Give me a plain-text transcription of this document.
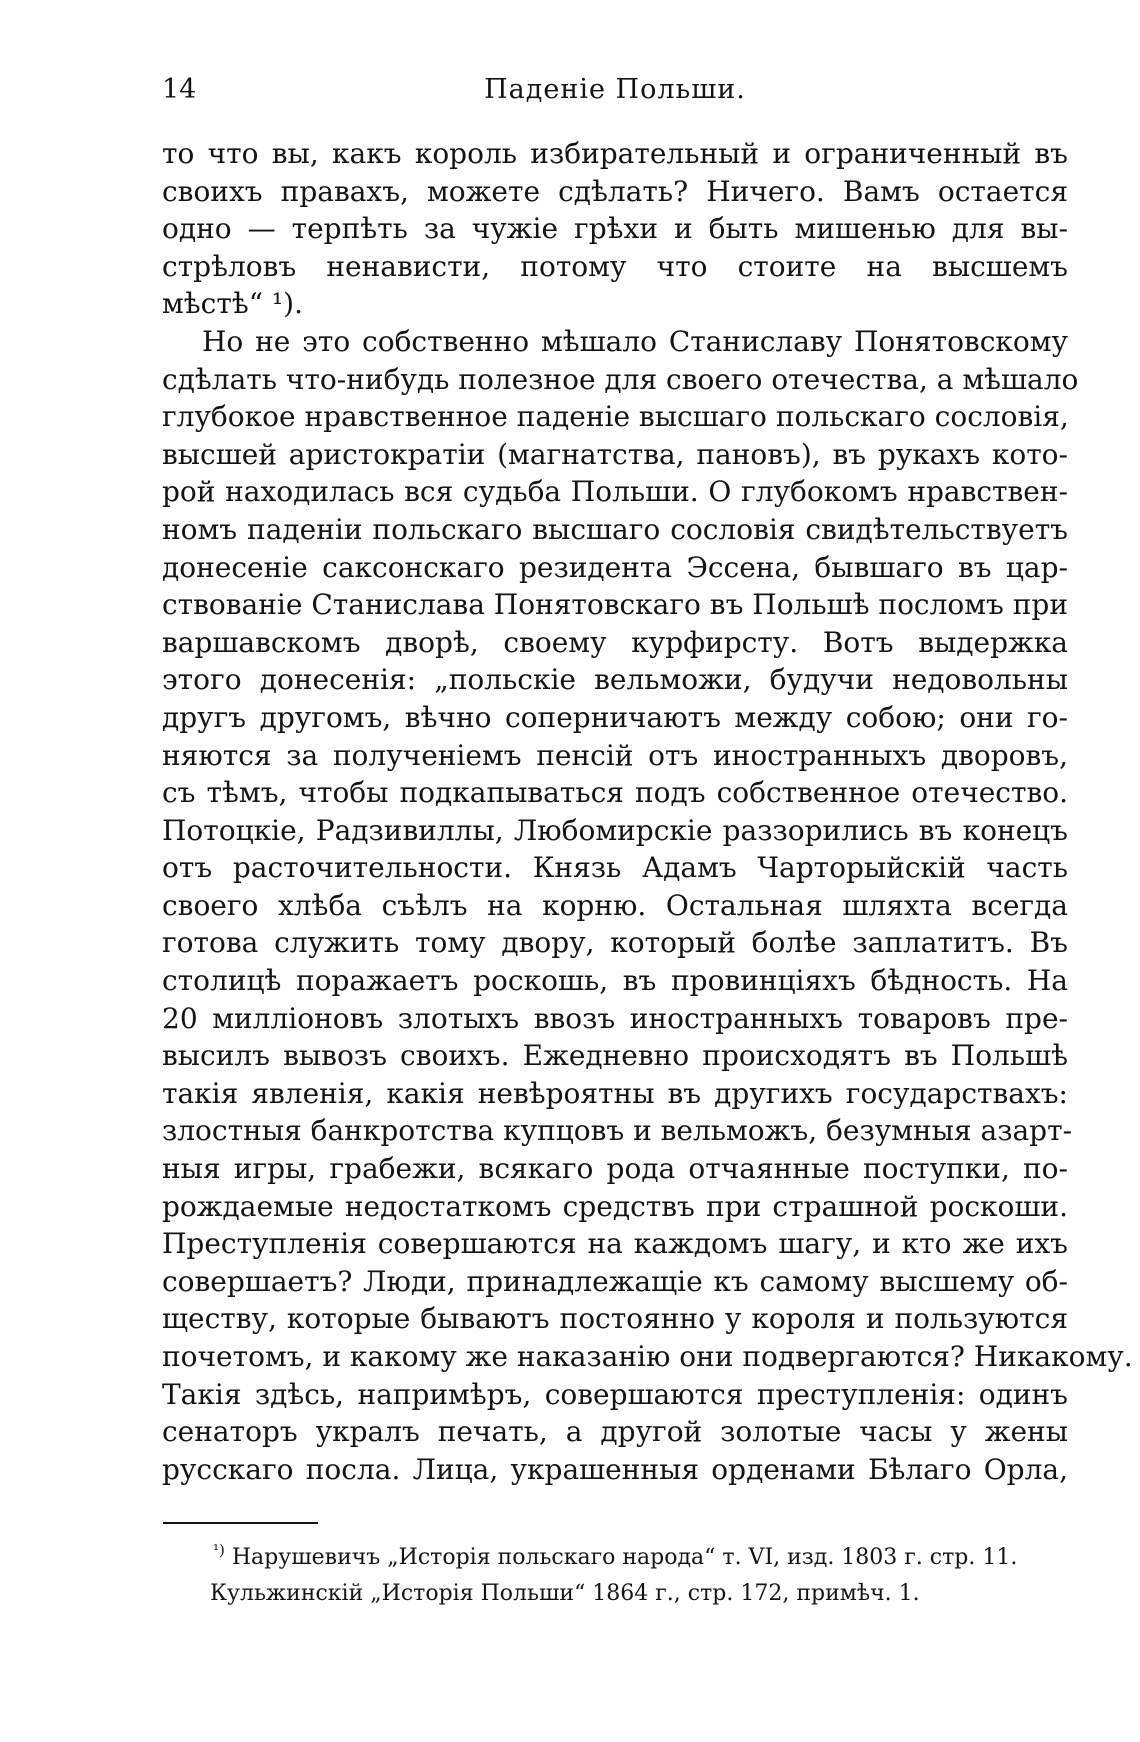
14	Паденіе Польши.
то что вы, какъ король избирательный и ограниченный въ
своихъ правахъ, можете сдѣлать? Ничего. Вамъ остается
одно — терпѣть за чужіе грѣхи и быть мишенью для вы-
стрѣловъ ненависти, потому что стоите на высшемъ
мѣстѣ“ ¹).
Но не это собственно мѣшало Станиславу Понятовскому
сдѣлать что-нибудь полезное для своего отечества, а мѣшало
глубокое нравственное паденіе высшаго польскаго сословія,
высшей аристократіи (магнатства, пановъ), въ рукахъ кото-
рой находилась вся судьба Польши. О глубокомъ нравствен-
номъ паденіи польскаго высшаго сословія свидѣтельствуетъ
донесеніе саксонскаго резидента Эссена, бывшаго въ цар-
ствованіе Станислава Понятовскаго въ Польшѣ посломъ при
варшавскомъ дворѣ, своему курфирсту. Вотъ выдержка
этого донесенія: „польскіе вельможи, будучи недовольны
другъ другомъ, вѣчно соперничаютъ между собою; они го-
няются за полученіемъ пенсій отъ иностранныхъ дворовъ,
съ тѣмъ, чтобы подкапываться подъ собственное отечество.
Потоцкіе, Радзивиллы, Любомирскіе раззорились въ конецъ
отъ расточительности. Князь Адамъ Чарторыйскій часть
своего хлѣба съѣлъ на корню. Остальная шляхта всегда
готова служить тому двору, который болѣе заплатитъ. Въ
столицѣ поражаетъ роскошь, въ провинціяхъ бѣдность. На
20 милліоновъ злотыхъ ввозъ иностранныхъ товаровъ пре-
высилъ вывозъ своихъ. Ежедневно происходятъ въ Польшѣ
такія явленія, какія невѣроятны въ другихъ государствахъ:
злостныя банкротства купцовъ и вельможъ, безумныя азарт-
ныя игры, грабежи, всякаго рода отчаянные поступки, по-
рождаемые недостаткомъ средствъ при страшной роскоши.
Преступленія совершаются на каждомъ шагу, и кто же ихъ
совершаетъ? Люди, принадлежащіе къ самому высшему об-
ществу, которые бываютъ постоянно у короля и пользуются
почетомъ, и какому же наказанію они подвергаются? Никакому.
Такія здѣсь, напримѣръ, совершаются преступленія: одинъ
сенаторъ укралъ печать, а другой золотые часы у жены
русскаго посла. Лица, украшенныя орденами Бѣлаго Орла,
$^{^1)}$ Нарушевичъ „Исторія польскаго народа“ т. VI, изд. 1803 г. стр. 11.
Кульжинскій „Исторія Польши“ 1864 г., стр. 172, примѣч. 1.
